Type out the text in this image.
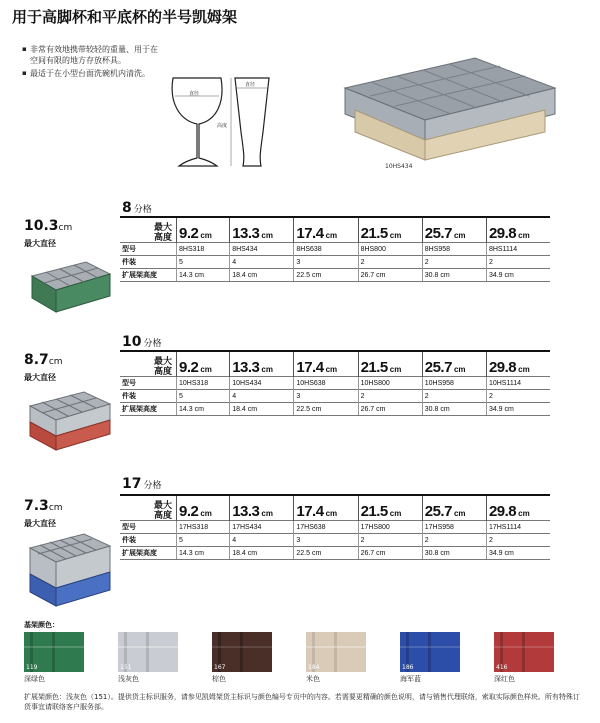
用于高脚杯和平底杯的半号凯姆架
▪ 非常有效地携带较轻的重量、用于在空间有限的地方存放杯具。
▪ 最适于在小型台面洗碗机内清洗。
直径
高度
直径
10HS434
8 分格
10.3cm
最大直径
最大
高度	9.2 cm	13.3 cm	17.4 cm	21.5 cm	25.7 cm	29.8 cm
型号	8HS318	8HS434	8HS638	8HS800	8HS958	8HS1114
件装	5	4	3	2	2	2
扩展架高度	14.3 cm	18.4 cm	22.5 cm	26.7 cm	30.8 cm	34.9 cm
10 分格
8.7cm
最大直径
最大
高度	9.2 cm	13.3 cm	17.4 cm	21.5 cm	25.7 cm	29.8 cm
型号	10HS318	10HS434	10HS638	10HS800	10HS958	10HS1114
件装	5	4	3	2	2	2
扩展架高度	14.3 cm	18.4 cm	22.5 cm	26.7 cm	30.8 cm	34.9 cm
17 分格
7.3cm
最大直径
最大
高度	9.2 cm	13.3 cm	17.4 cm	21.5 cm	25.7 cm	29.8 cm
型号	17HS318	17HS434	17HS638	17HS800	17HS958	17HS1114
件装	5	4	3	2	2	2
扩展架高度	14.3 cm	18.4 cm	22.5 cm	26.7 cm	30.8 cm	34.9 cm
基架颜色：
119
深绿色
151
浅灰色
167
棕色
184
米色
186
海军蓝
416
深红色
扩展架颜色：浅灰色（151）。提供货主标识服务，请参见凯姆架货主标识与颜色编号专页中的内容。若需要更精确的颜色说明，请与销售代理联络，索取实际颜色样块。所有特殊订货事宜请联络客户服务部。
